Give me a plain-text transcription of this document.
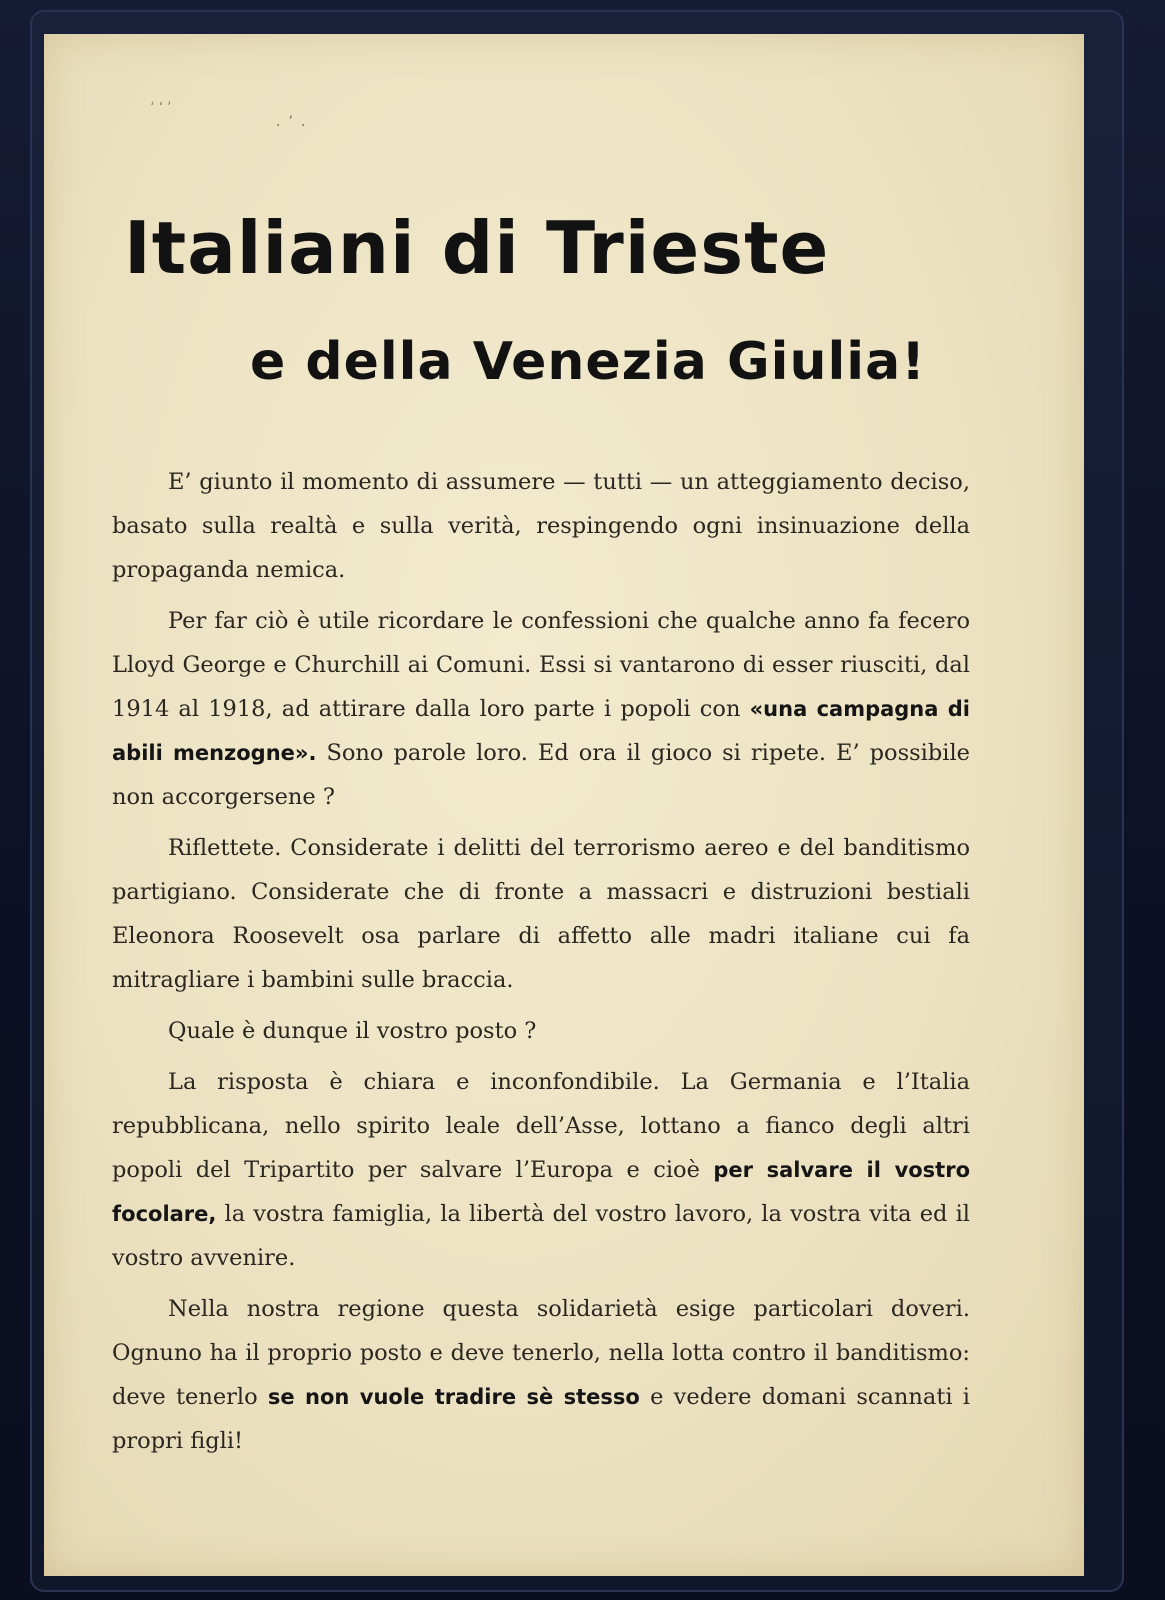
‘‘’
.’.
Italiani di Trieste
e della Venezia Giulia!

E’ giunto il momento di assumere — tutti — un atteggiamento deciso, basato sulla realtà e sulla verità, respingendo ogni insinuazione della propaganda nemica.

Per far ciò è utile ricordare le confessioni che qualche anno fa fecero Lloyd George e Churchill ai Comuni. Essi si vantarono di esser riusciti, dal 1914 al 1918, ad attirare dalla loro parte i popoli con «una campagna di abili menzogne». Sono parole loro. Ed ora il gioco si ripete. E’ possibile non accorgersene ?

Riflettete. Considerate i delitti del terrorismo aereo e del banditismo partigiano. Considerate che di fronte a massacri e distruzioni bestiali Eleonora Roosevelt osa parlare di affetto alle madri italiane cui fa mitragliare i bambini sulle braccia.

Quale è dunque il vostro posto ?

La risposta è chiara e inconfondibile. La Germania e l’Italia repubblicana, nello spirito leale dell’Asse, lottano a fianco degli altri popoli del Tripartito per salvare l’Europa e cioè per salvare il vostro focolare, la vostra famiglia, la libertà del vostro lavoro, la vostra vita ed il vostro avvenire.

Nella nostra regione questa solidarietà esige particolari doveri. Ognuno ha il proprio posto e deve tenerlo, nella lotta contro il banditismo: deve tenerlo se non vuole tradire sè stesso e vedere domani scannati i propri figli!
